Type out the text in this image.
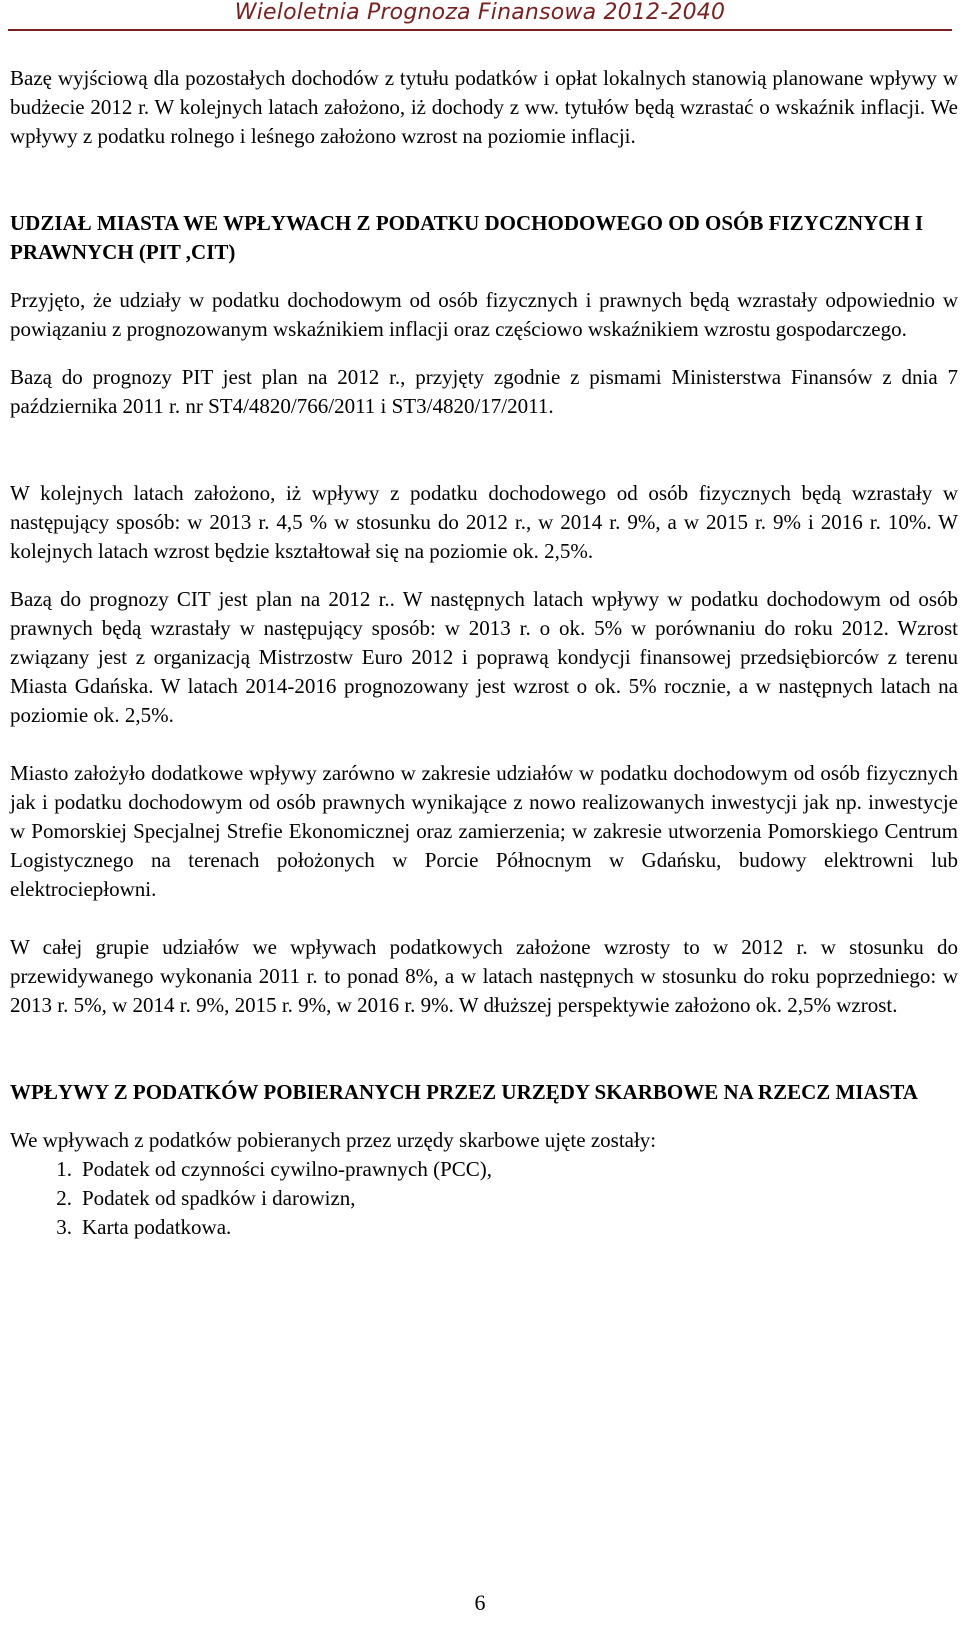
Wieloletnia Prognoza Finansowa 2012-2040

Bazę wyjściową dla pozostałych dochodów z tytułu podatków i opłat lokalnych stanowią planowane wpływy w budżecie 2012 r. W kolejnych latach założono, iż dochody z ww. tytułów będą wzrastać o wskaźnik inflacji. We wpływy z podatku rolnego i leśnego założono wzrost na poziomie inflacji.

UDZIAŁ MIASTA WE WPŁYWACH Z PODATKU DOCHODOWEGO OD OSÓB FIZYCZNYCH I PRAWNYCH (PIT ,CIT)

Przyjęto, że udziały w podatku dochodowym od osób fizycznych i prawnych będą wzrastały odpowiednio w powiązaniu z prognozowanym wskaźnikiem inflacji oraz częściowo wskaźnikiem wzrostu gospodarczego.

Bazą do prognozy PIT jest plan na 2012 r., przyjęty zgodnie z pismami Ministerstwa Finansów z dnia 7 października 2011 r. nr ST4/4820/766/2011 i ST3/4820/17/2011.

W kolejnych latach założono, iż wpływy z podatku dochodowego od osób fizycznych będą wzrastały w następujący sposób: w 2013 r. 4,5 % w stosunku do 2012 r., w 2014 r. 9%, a w 2015 r. 9% i 2016 r. 10%. W kolejnych latach wzrost będzie kształtował się na poziomie ok. 2,5%.

Bazą do prognozy CIT jest plan na 2012 r.. W następnych latach wpływy w podatku dochodowym od osób prawnych będą wzrastały w następujący sposób: w 2013 r. o ok. 5% w porównaniu do roku 2012. Wzrost związany jest z organizacją Mistrzostw Euro 2012 i poprawą kondycji finansowej przedsiębiorców z terenu Miasta Gdańska. W latach 2014-2016 prognozowany jest wzrost o ok. 5% rocznie, a w następnych latach na poziomie ok. 2,5%.

Miasto założyło dodatkowe wpływy zarówno w zakresie udziałów w podatku dochodowym od osób fizycznych jak i podatku dochodowym od osób prawnych wynikające z nowo realizowanych inwestycji jak np. inwestycje w Pomorskiej Specjalnej Strefie Ekonomicznej oraz zamierzenia; w zakresie utworzenia Pomorskiego Centrum Logistycznego na terenach położonych w Porcie Północnym w Gdańsku, budowy elektrowni lub elektrociepłowni.

W całej grupie udziałów we wpływach podatkowych założone wzrosty to w 2012 r. w stosunku do przewidywanego wykonania 2011 r. to ponad 8%, a w latach następnych w stosunku do roku poprzedniego: w 2013 r. 5%, w 2014 r. 9%, 2015 r. 9%, w 2016 r. 9%. W dłuższej perspektywie założono ok. 2,5% wzrost.

WPŁYWY Z PODATKÓW POBIERANYCH PRZEZ URZĘDY SKARBOWE NA RZECZ MIASTA

We wpływach z podatków pobieranych przez urzędy skarbowe ujęte zostały:

1. Podatek od czynności cywilno-prawnych (PCC),
2. Podatek od spadków i darowizn,
3. Karta podatkowa.
6
